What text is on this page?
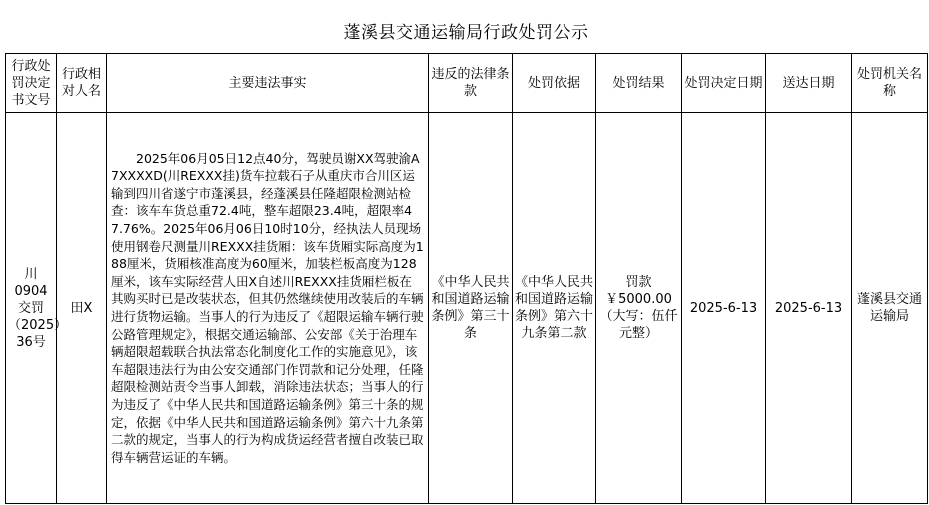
蓬溪县交通运输局行政处罚公示
行政处罚决定书文号	行政相对人名	主要违法事实	违反的法律条款	处罚依据	处罚结果	处罚决定日期	送达日期	处罚机关名称
川0904交罚（2025）36号	田X	2025年06月05日12点40分，驾驶员谢XX驾驶渝A7XXXXD(川REXXX挂)货车拉载石子从重庆市合川区运输到四川省遂宁市蓬溪县，经蓬溪县任隆超限检测站检查：该车车货总重72.4吨，整车超限23.4吨，超限率47.76%。2025年06月06日10时10分，经执法人员现场使用钢卷尺测量川REXXX挂货厢：该车货厢实际高度为188厘米，货厢核准高度为60厘米，加装栏板高度为128厘米，该车实际经营人田X自述川REXXX挂货厢栏板在其购买时已是改装状态，但其仍然继续使用改装后的车辆进行货物运输。当事人的行为违反了《超限运输车辆行驶公路管理规定》，根据交通运输部、公安部《关于治理车辆超限超载联合执法常态化制度化工作的实施意见》，该车超限违法行为由公安交通部门作罚款和记分处理，任隆超限检测站责令当事人卸载，消除违法状态；当事人的行为违反了《中华人民共和国道路运输条例》第三十条的规定，依据《中华人民共和国道路运输条例》第六十九条第二款的规定，当事人的行为构成货运经营者擅自改装已取得车辆营运证的车辆。	《中华人民共和国道路运输条例》第三十条	《中华人民共和国道路运输条例》第六十九条第二款	罚款￥5000.00（大写：伍仟元整）	2025-6-13	2025-6-13	蓬溪县交通运输局
